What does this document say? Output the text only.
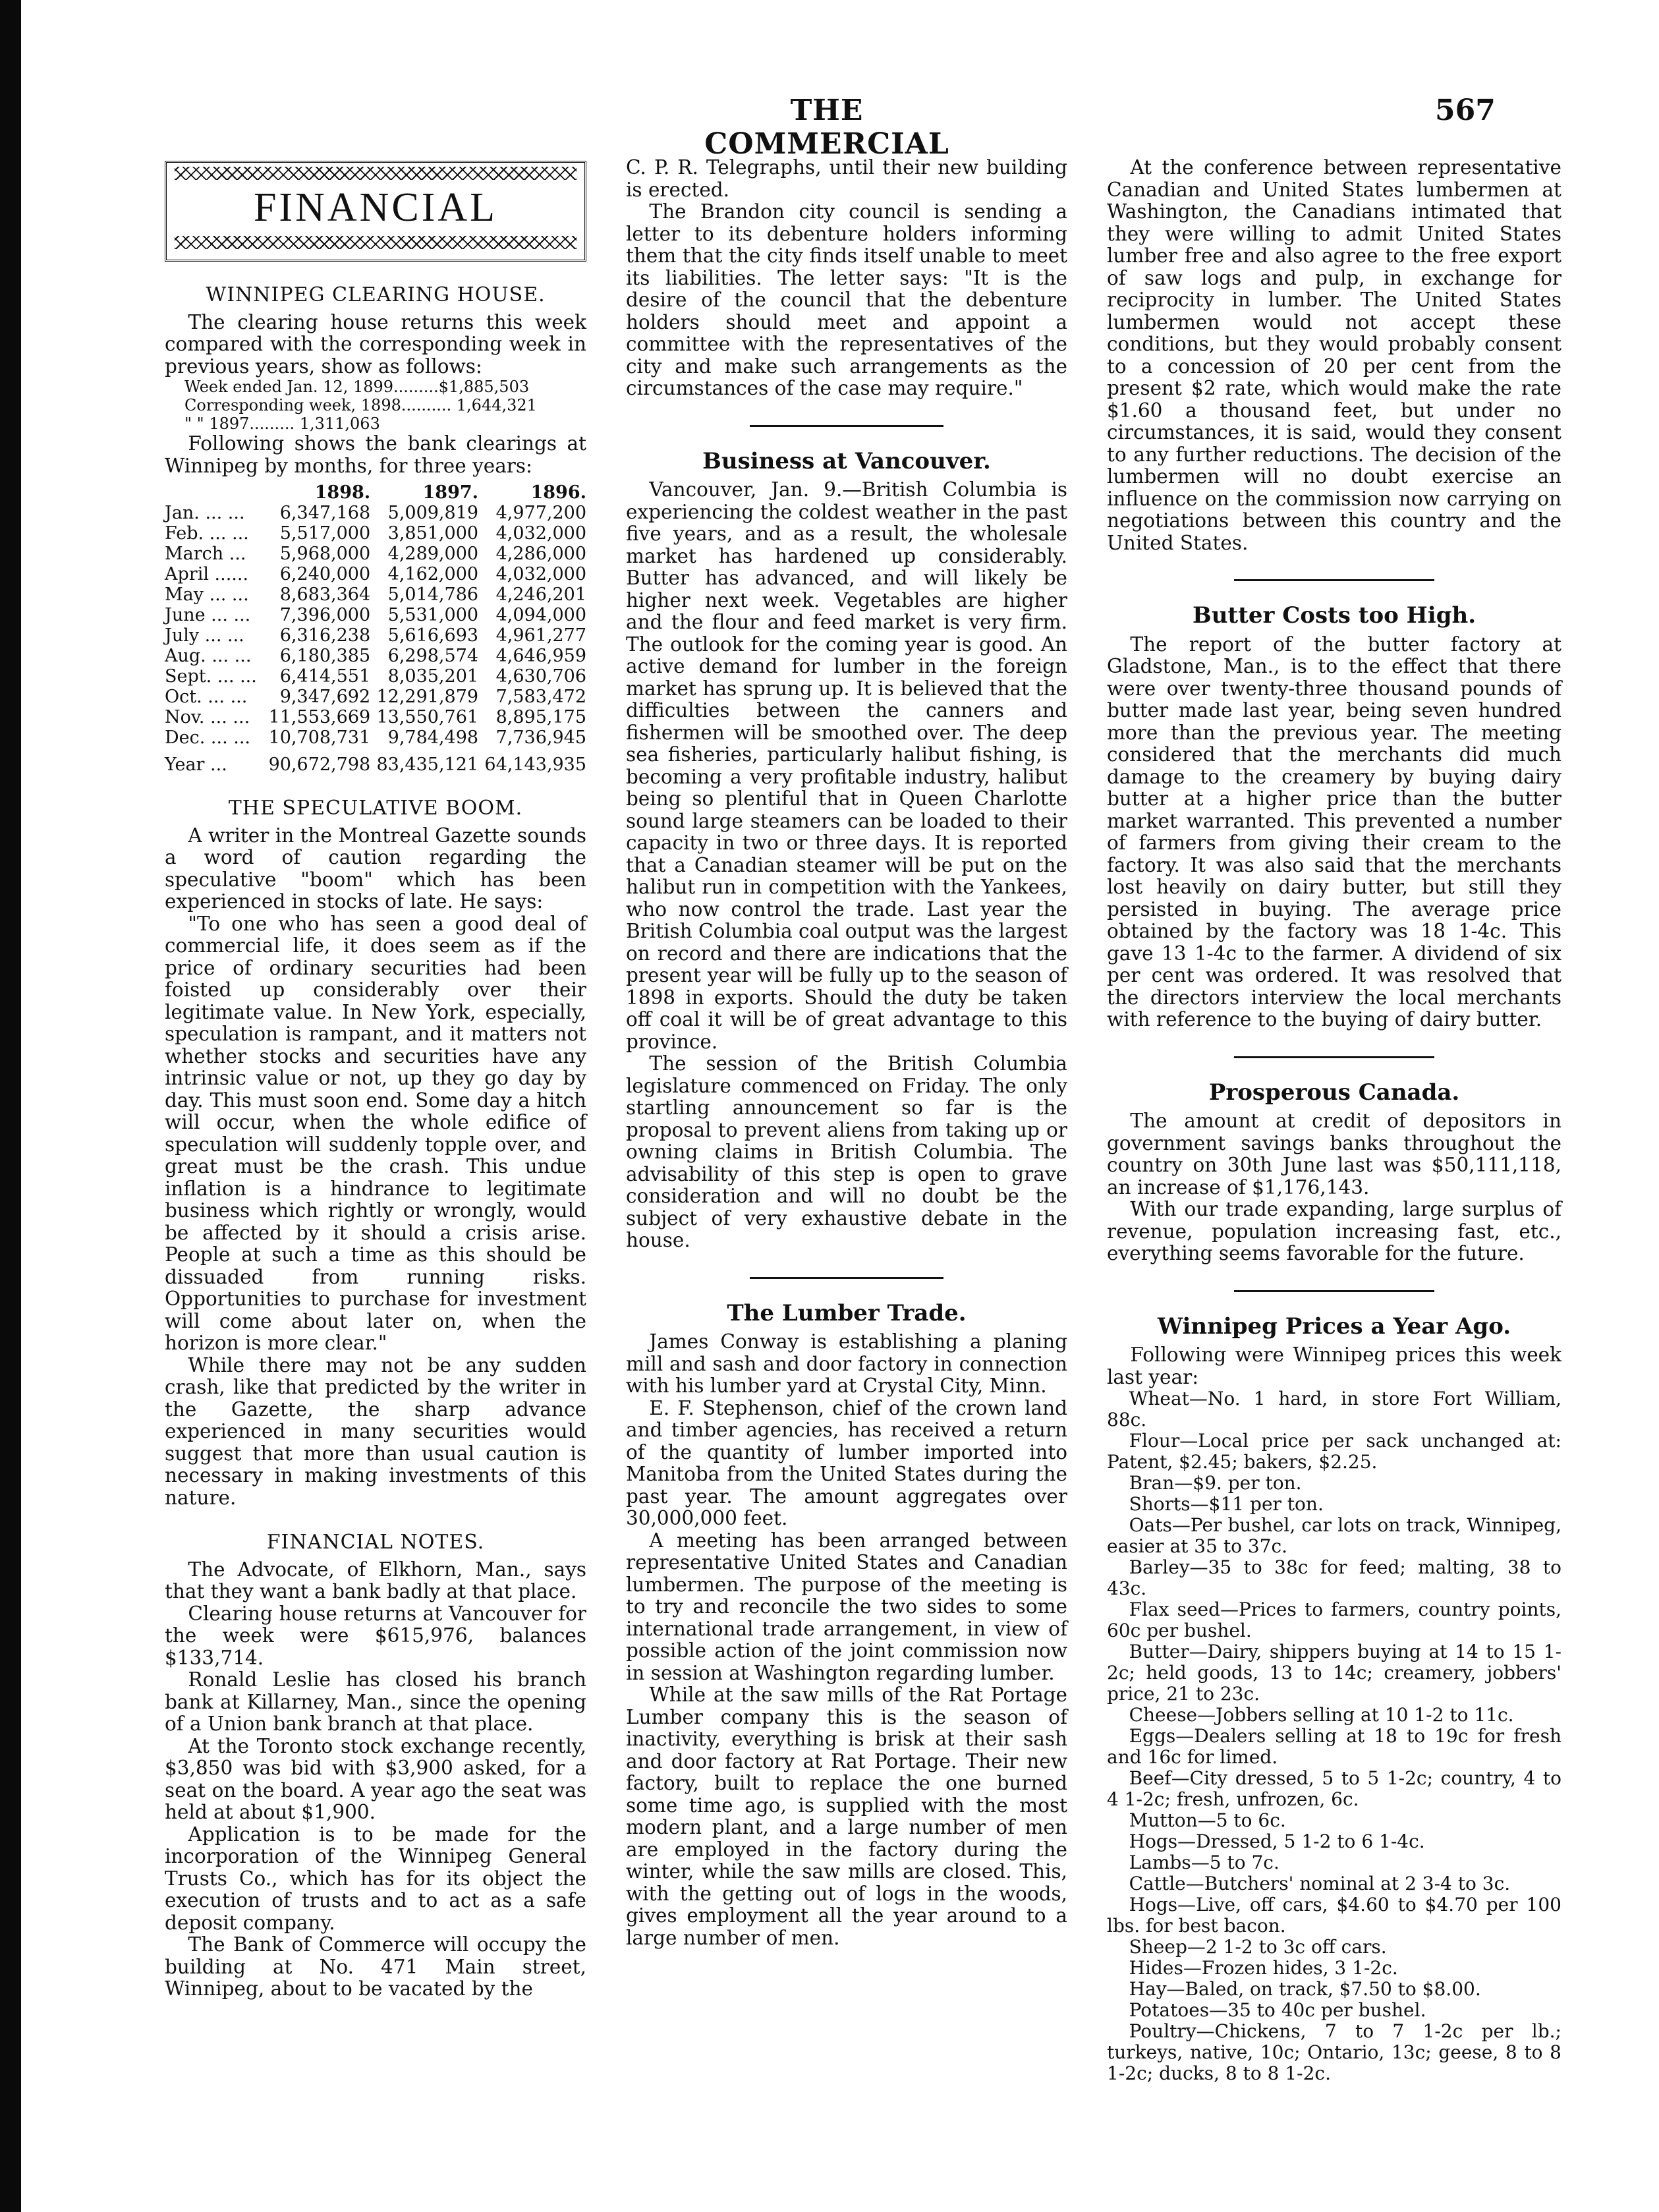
THE COMMERCIAL
567
FINANCIAL
WINNIPEG CLEARING HOUSE.

The clearing house returns this week compared with the corresponding week in previous years, show as follows:

Week ended Jan. 12, 1899.........$1,885,503
Corresponding week, 1898.......... 1,644,321
" " 1897......... 1,311,063

Following shows the bank clearings at Winnipeg by months, for three years:

	1898.	1897.	1896.
Jan. ... ...	6,347,168	5,009,819	4,977,200
Feb. ... ...	5,517,000	3,851,000	4,032,000
March ...	5,968,000	4,289,000	4,286,000
April ......	6,240,000	4,162,000	4,032,000
May ... ...	8,683,364	5,014,786	4,246,201
June ... ...	7,396,000	5,531,000	4,094,000
July ... ...	6,316,238	5,616,693	4,961,277
Aug. ... ...	6,180,385	6,298,574	4,646,959
Sept. ... ...	6,414,551	8,035,201	4,630,706
Oct. ... ...	9,347,692	12,291,879	7,583,472
Nov. ... ...	11,553,669	13,550,761	8,895,175
Dec. ... ...	10,708,731	9,784,498	7,736,945
Year ...	90,672,798	83,435,121	64,143,935
THE SPECULATIVE BOOM.

A writer in the Montreal Gazette sounds a word of caution regarding the speculative "boom" which has been experienced in stocks of late. He says:

"To one who has seen a good deal of commercial life, it does seem as if the price of ordinary securities had been foisted up considerably over their legitimate value. In New York, especially, speculation is rampant, and it matters not whether stocks and securities have any intrinsic value or not, up they go day by day. This must soon end. Some day a hitch will occur, when the whole edifice of speculation will suddenly topple over, and great must be the crash. This undue inflation is a hindrance to legitimate business which rightly or wrongly, would be affected by it should a crisis arise. People at such a time as this should be dissuaded from running risks. Opportunities to purchase for investment will come about later on, when the horizon is more clear."

While there may not be any sudden crash, like that predicted by the writer in the Gazette, the sharp advance experienced in many securities would suggest that more than usual caution is necessary in making investments of this nature.

FINANCIAL NOTES.

The Advocate, of Elkhorn, Man., says that they want a bank badly at that place.

Clearing house returns at Vancouver for the week were $615,976, balances $133,714.

Ronald Leslie has closed his branch bank at Killarney, Man., since the opening of a Union bank branch at that place.

At the Toronto stock exchange recently, $3,850 was bid with $3,900 asked, for a seat on the board. A year ago the seat was held at about $1,900.

Application is to be made for the incorporation of the Winnipeg General Trusts Co., which has for its object the execution of trusts and to act as a safe deposit company.

The Bank of Commerce will occupy the building at No. 471 Main street, Winnipeg, about to be vacated by the

C. P. R. Telegraphs, until their new building is erected.

The Brandon city council is sending a letter to its debenture holders informing them that the city finds itself unable to meet its liabilities. The letter says: "It is the desire of the council that the debenture holders should meet and appoint a committee with the representatives of the city and make such arrangements as the circumstances of the case may require."

Business at Vancouver.

Vancouver, Jan. 9.—British Columbia is experiencing the coldest weather in the past five years, and as a result, the wholesale market has hardened up considerably. Butter has advanced, and will likely be higher next week. Vegetables are higher and the flour and feed market is very firm. The outlook for the coming year is good. An active demand for lumber in the foreign market has sprung up. It is believed that the difficulties between the canners and fishermen will be smoothed over. The deep sea fisheries, particularly halibut fishing, is becoming a very profitable industry, halibut being so plentiful that in Queen Charlotte sound large steamers can be loaded to their capacity in two or three days. It is reported that a Canadian steamer will be put on the halibut run in competition with the Yankees, who now control the trade. Last year the British Columbia coal output was the largest on record and there are indications that the present year will be fully up to the season of 1898 in exports. Should the duty be taken off coal it will be of great advantage to this province.

The session of the British Columbia legislature commenced on Friday. The only startling announcement so far is the proposal to prevent aliens from taking up or owning claims in British Columbia. The advisability of this step is open to grave consideration and will no doubt be the subject of very exhaustive debate in the house.

The Lumber Trade.

James Conway is establishing a planing mill and sash and door factory in connection with his lumber yard at Crystal City, Minn.

E. F. Stephenson, chief of the crown land and timber agencies, has received a return of the quantity of lumber imported into Manitoba from the United States during the past year. The amount aggregates over 30,000,000 feet.

A meeting has been arranged between representative United States and Canadian lumbermen. The purpose of the meeting is to try and reconcile the two sides to some international trade arrangement, in view of possible action of the joint commission now in session at Washington regarding lumber.

While at the saw mills of the Rat Portage Lumber company this is the season of inactivity, everything is brisk at their sash and door factory at Rat Portage. Their new factory, built to replace the one burned some time ago, is supplied with the most modern plant, and a large number of men are employed in the factory during the winter, while the saw mills are closed. This, with the getting out of logs in the woods, gives employment all the year around to a large number of men.

At the conference between representative Canadian and United States lumbermen at Washington, the Canadians intimated that they were willing to admit United States lumber free and also agree to the free export of saw logs and pulp, in exchange for reciprocity in lumber. The United States lumbermen would not accept these conditions, but they would probably consent to a concession of 20 per cent from the present $2 rate, which would make the rate $1.60 a thousand feet, but under no circumstances, it is said, would they consent to any further reductions. The decision of the lumbermen will no doubt exercise an influence on the commission now carrying on negotiations between this country and the United States.

Butter Costs too High.

The report of the butter factory at Gladstone, Man., is to the effect that there were over twenty-three thousand pounds of butter made last year, being seven hundred more than the previous year. The meeting considered that the merchants did much damage to the creamery by buying dairy butter at a higher price than the butter market warranted. This prevented a number of farmers from giving their cream to the factory. It was also said that the merchants lost heavily on dairy butter, but still they persisted in buying. The average price obtained by the factory was 18 1-4c. This gave 13 1-4c to the farmer. A dividend of six per cent was ordered. It was resolved that the directors interview the local merchants with reference to the buying of dairy butter.

Prosperous Canada.

The amount at credit of depositors in government savings banks throughout the country on 30th June last was $50,111,118, an increase of $1,176,143.

With our trade expanding, large surplus of revenue, population increasing fast, etc., everything seems favorable for the future.

Winnipeg Prices a Year Ago.

Following were Winnipeg prices this week last year:

Wheat—No. 1 hard, in store Fort William, 88c.

Flour—Local price per sack unchanged at: Patent, $2.45; bakers, $2.25.

Bran—$9. per ton.

Shorts—$11 per ton.

Oats—Per bushel, car lots on track, Winnipeg, easier at 35 to 37c.

Barley—35 to 38c for feed; malting, 38 to 43c.

Flax seed—Prices to farmers, country points, 60c per bushel.

Butter—Dairy, shippers buying at 14 to 15 1-2c; held goods, 13 to 14c; creamery, jobbers' price, 21 to 23c.

Cheese—Jobbers selling at 10 1-2 to 11c.

Eggs—Dealers selling at 18 to 19c for fresh and 16c for limed.

Beef—City dressed, 5 to 5 1-2c; country, 4 to 4 1-2c; fresh, unfrozen, 6c.

Mutton—5 to 6c.

Hogs—Dressed, 5 1-2 to 6 1-4c.

Lambs—5 to 7c.

Cattle—Butchers' nominal at 2 3-4 to 3c.

Hogs—Live, off cars, $4.60 to $4.70 per 100 lbs. for best bacon.

Sheep—2 1-2 to 3c off cars.

Hides—Frozen hides, 3 1-2c.

Hay—Baled, on track, $7.50 to $8.00.

Potatoes—35 to 40c per bushel.

Poultry—Chickens, 7 to 7 1-2c per lb.; turkeys, native, 10c; Ontario, 13c; geese, 8 to 8 1-2c; ducks, 8 to 8 1-2c.
